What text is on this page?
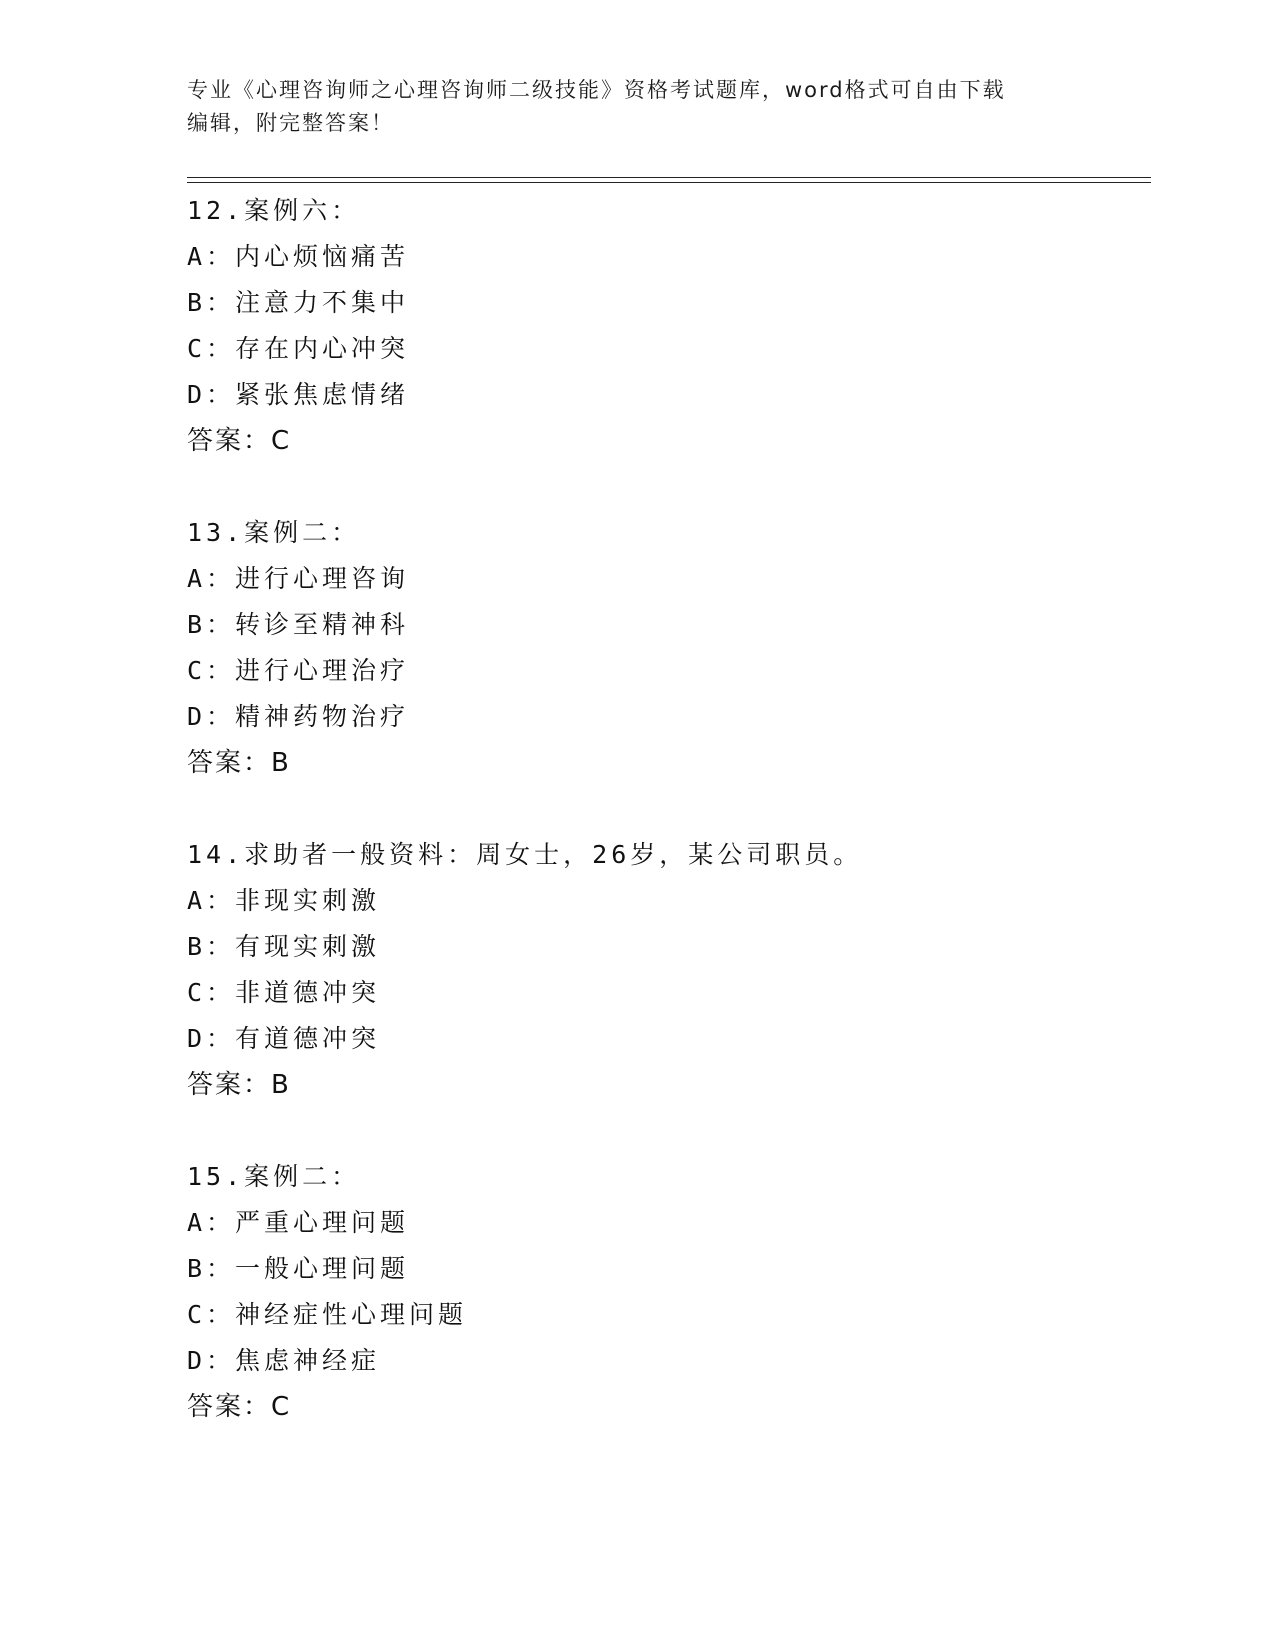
专业《心理咨询师之心理咨询师二级技能》资格考试题库，word格式可自由下载
编辑，附完整答案！
12.案例六：
A：内心烦恼痛苦
B：注意力不集中
C：存在内心冲突
D：紧张焦虑情绪
答案：C
13.案例二：
A：进行心理咨询
B：转诊至精神科
C：进行心理治疗
D：精神药物治疗
答案：B
14.求助者一般资料：周女士，26岁，某公司职员。
A：非现实刺激
B：有现实刺激
C：非道德冲突
D：有道德冲突
答案：B
15.案例二：
A：严重心理问题
B：一般心理问题
C：神经症性心理问题
D：焦虑神经症
答案：C
